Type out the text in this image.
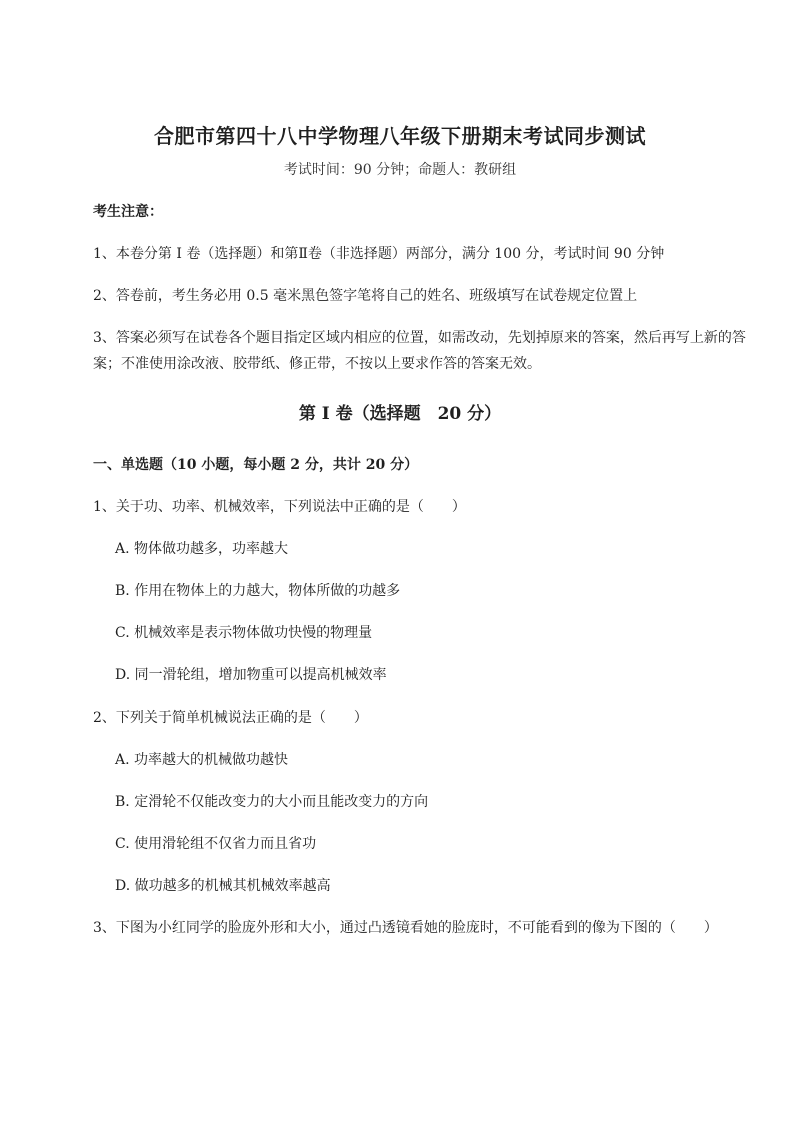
合肥市第四十八中学物理八年级下册期末考试同步测试
考试时间：90 分钟；命题人：教研组
考生注意：
1、本卷分第 I 卷（选择题）和第Ⅱ卷（非选择题）两部分，满分 100 分，考试时间 90 分钟
2、答卷前，考生务必用 0.5 毫米黑色签字笔将自己的姓名、班级填写在试卷规定位置上
3、答案必须写在试卷各个题目指定区域内相应的位置，如需改动，先划掉原来的答案，然后再写上新的答案；不准使用涂改液、胶带纸、修正带，不按以上要求作答的答案无效。
第 I 卷（选择题　20 分）
一、单选题（10 小题，每小题 2 分，共计 20 分）
1、关于功、功率、机械效率，下列说法中正确的是（　　）
A. 物体做功越多，功率越大
B. 作用在物体上的力越大，物体所做的功越多
C. 机械效率是表示物体做功快慢的物理量
D. 同一滑轮组，增加物重可以提高机械效率
2、下列关于简单机械说法正确的是（　　）
A. 功率越大的机械做功越快
B. 定滑轮不仅能改变力的大小而且能改变力的方向
C. 使用滑轮组不仅省力而且省功
D. 做功越多的机械其机械效率越高
3、下图为小红同学的脸庞外形和大小，通过凸透镜看她的脸庞时，不可能看到的像为下图的（　　）
